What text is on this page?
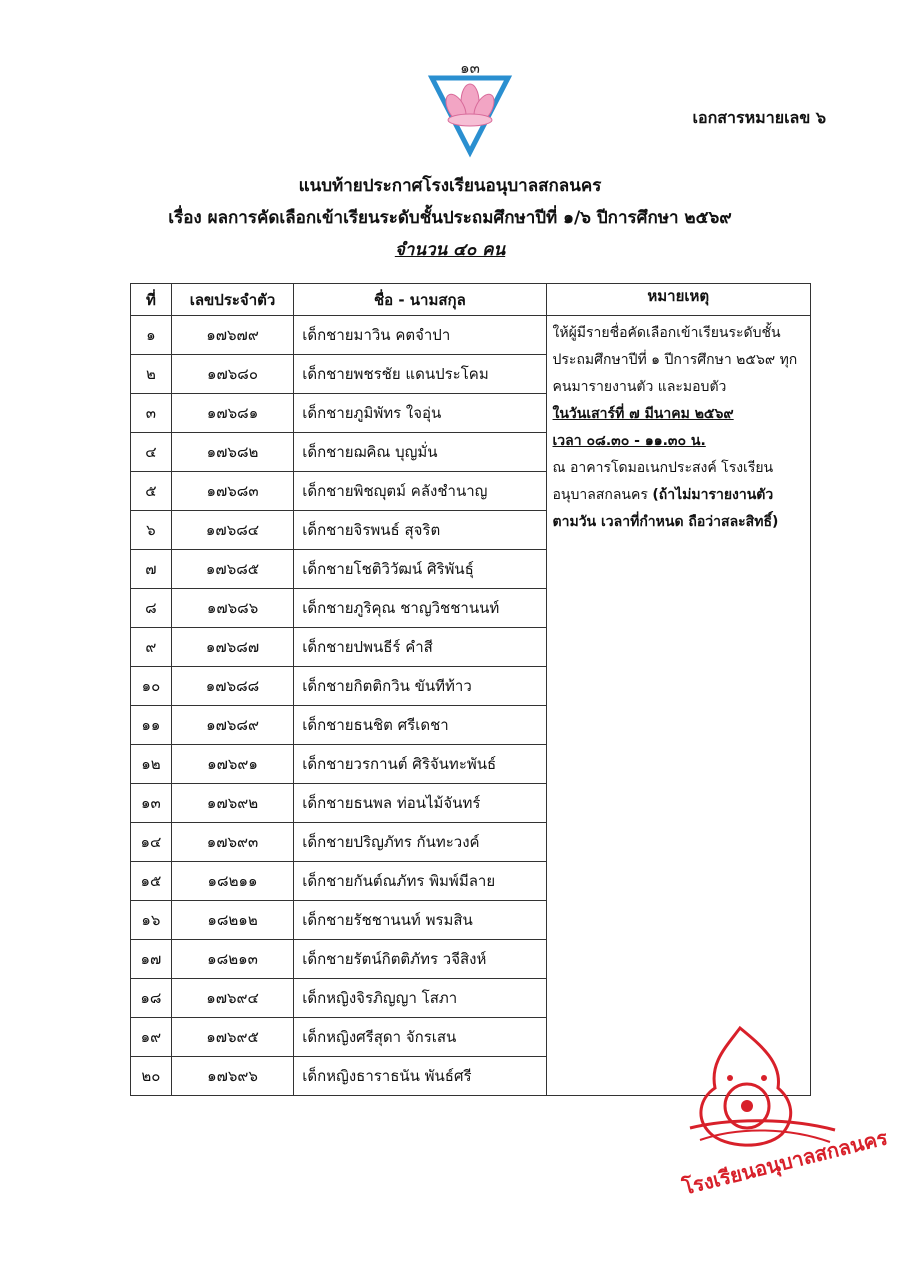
๑๓
เอกสารหมายเลข ๖
แนบท้ายประกาศโรงเรียนอนุบาลสกลนคร
เรื่อง ผลการคัดเลือกเข้าเรียนระดับชั้นประถมศึกษาปีที่ ๑/๖ ปีการศึกษา ๒๕๖๙
จำนวน ๔๐ คน
ที่	เลขประจำตัว	ชื่อ - นามสกุล	หมายเหตุ
๑	๑๗๖๗๙	เด็กชายมาวิน คตจำปา	ให้ผู้มีรายชื่อคัดเลือกเข้าเรียนระดับชั้น ประถมศึกษาปีที่ ๑ ปีการศึกษา ๒๕๖๙ ทุกคนมารายงานตัว และมอบตัว
ในวันเสาร์ที่ ๗ มีนาคม ๒๕๖๙
เวลา ๐๘.๓๐ - ๑๑.๓๐ น.
ณ อาคารโดมอเนกประสงค์ โรงเรียน อนุบาลสกลนคร (ถ้าไม่มารายงานตัว ตามวัน เวลาที่กำหนด ถือว่าสละสิทธิ์)

๒	๑๗๖๘๐	เด็กชายพชรชัย แดนประโคม	
๓	๑๗๖๘๑	เด็กชายภูมิพัทร ใจอุ่น	
๔	๑๗๖๘๒	เด็กชายฌคิณ บุญมั่น	
๕	๑๗๖๘๓	เด็กชายพิชญุตม์ คลังชำนาญ	
๖	๑๗๖๘๔	เด็กชายจิรพนธ์ สุจริต	
๗	๑๗๖๘๕	เด็กชายโชติวิวัฒน์ ศิริพันธุ์	
๘	๑๗๖๘๖	เด็กชายภูริคุณ ชาญวิชชานนท์	
๙	๑๗๖๘๗	เด็กชายปพนธีร์ คำสี	
๑๐	๑๗๖๘๘	เด็กชายกิตติกวิน ขันทีท้าว	
๑๑	๑๗๖๘๙	เด็กชายธนชิต ศรีเดชา	
๑๒	๑๗๖๙๑	เด็กชายวรกานต์ ศิริจันทะพันธ์	
๑๓	๑๗๖๙๒	เด็กชายธนพล ท่อนไม้จันทร์	
๑๔	๑๗๖๙๓	เด็กชายปริญภัทร กันทะวงค์	
๑๕	๑๘๒๑๑	เด็กชายกันต์ณภัทร พิมพ์มีลาย	
๑๖	๑๘๒๑๒	เด็กชายรัชชานนท์ พรมสิน	
๑๗	๑๘๒๑๓	เด็กชายรัตน์กิตติภัทร วจีสิงห์	
๑๘	๑๗๖๙๔	เด็กหญิงจิรภิญญา โสภา	
๑๙	๑๗๖๙๕	เด็กหญิงศรีสุดา จักรเสน	
๒๐	๑๗๖๙๖	เด็กหญิงธาราธนัน พันธ์ศรี	
โรงเรียนอนุบาลสกลนคร
